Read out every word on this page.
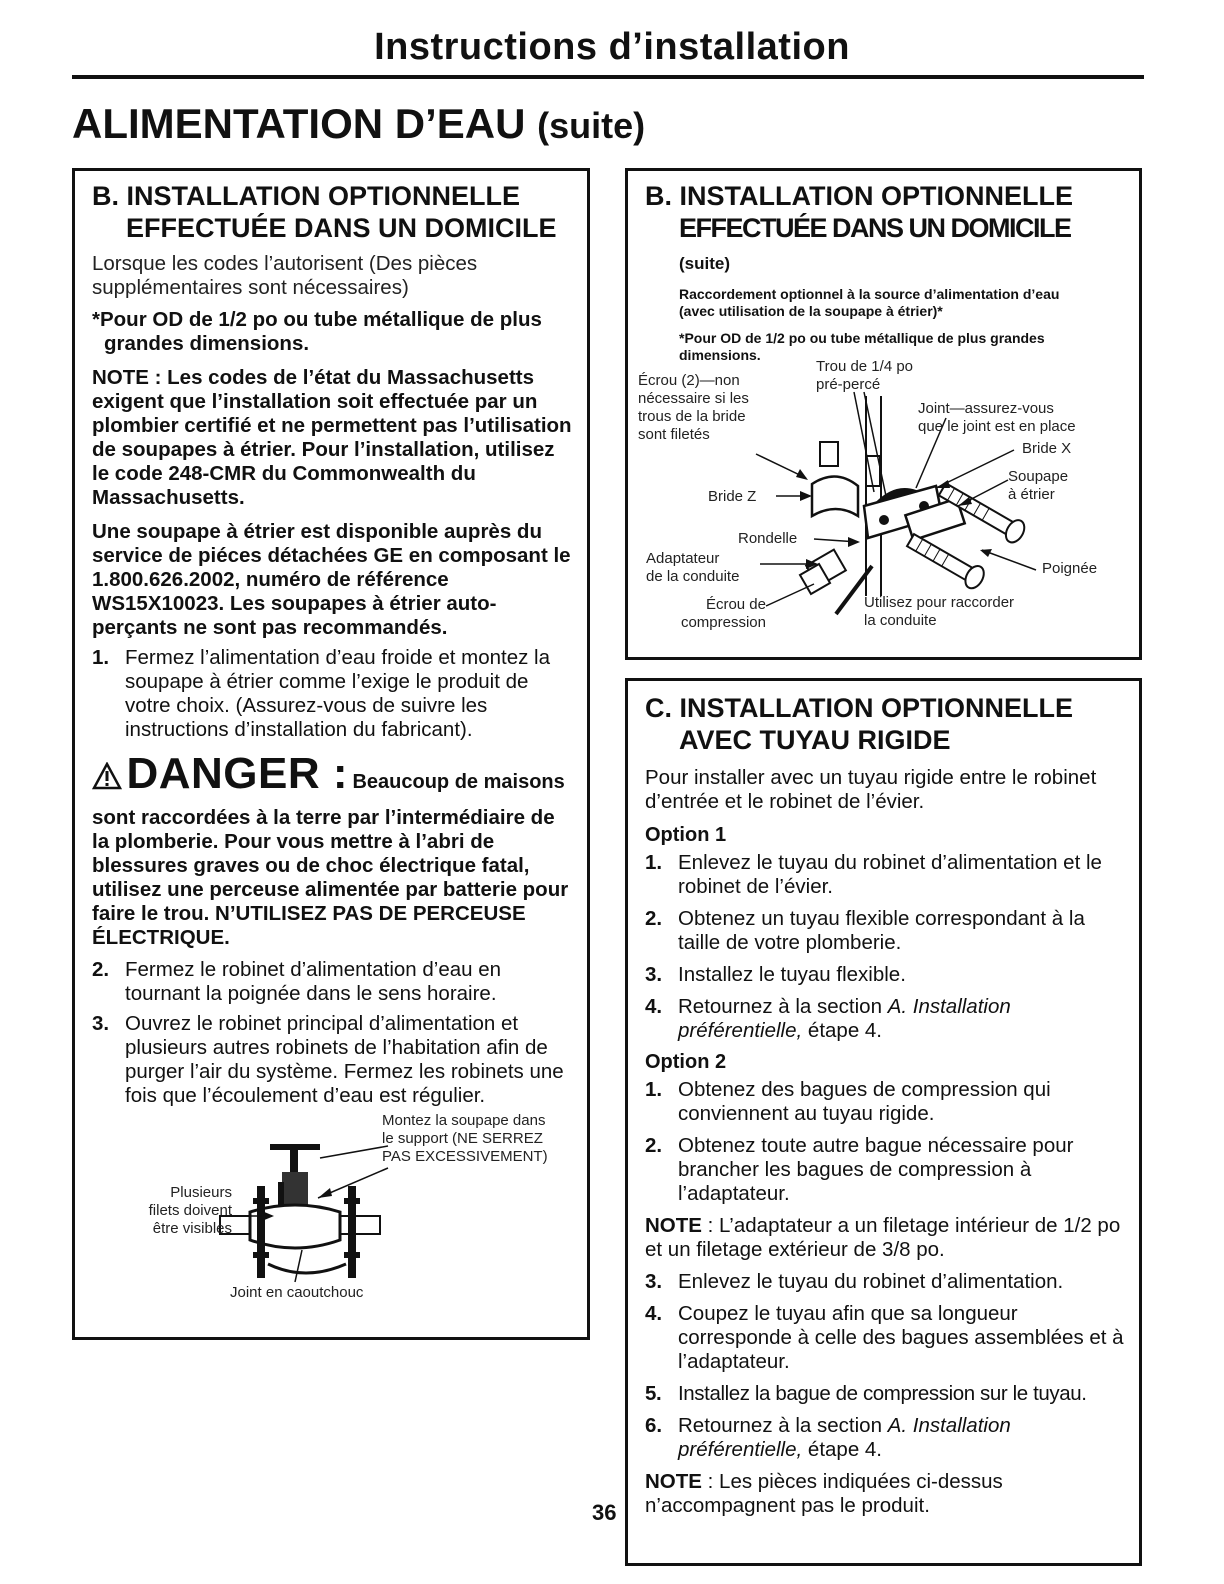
Instructions d’installation
ALIMENTATION D’EAU (suite)
B. INSTALLATION OPTIONNELLE
EFFECTUÉE DANS UN DOMICILE

Lorsque les codes l’autorisent (Des pièces supplémentaires sont nécessaires)

*Pour OD de 1/2 po ou tube métallique de plus grandes dimensions.

NOTE : Les codes de l’état du Massachusetts exigent que l’installation soit effectuée par un plombier certifié et ne permettent pas l’utilisation de soupapes à étrier. Pour l’installation, utilisez le code 248-CMR du Commonwealth du Massachusetts.

Une soupape à étrier est disponible auprès du service de piéces détachées GE en composant le 1.800.626.2002, numéro de référence WS15X10023. Les soupapes à étrier auto-perçants ne sont pas recommandés.

1. Fermez l’alimentation d’eau froide et montez la soupape à étrier comme l’exige le produit de votre choix. (Assurez-vous de suivre les instructions d’installation du fabricant).
DANGER : Beaucoup de maisons

sont raccordées à la terre par l’intermédiaire de la plomberie. Pour vous mettre à l’abri de blessures graves ou de choc électrique fatal, utilisez une perceuse alimentée par batterie pour faire le trou. N’UTILISEZ PAS DE PERCEUSE ÉLECTRIQUE.

2. Fermez le robinet d’alimentation d’eau en tournant la poignée dans le sens horaire.
3. Ouvrez le robinet principal d’alimentation et plusieurs autres robinets de l’habitation afin de purger l’air du système. Fermez les robinets une fois que l’écoulement d’eau est régulier.
Montez la soupape dans
le support (NE SERREZ
PAS EXCESSIVEMENT)
Plusieurs
filets doivent
être visibles
Joint en caoutchouc
B. INSTALLATION OPTIONNELLE
EFFECTUÉE DANS UN DOMICILE (suite)

Raccordement optionnel à la source d’alimentation d’eau (avec utilisation de la soupape à étrier)*

*Pour OD de 1/2 po ou tube métallique de plus grandes dimensions.

Trou de 1/4 po
pré-percé
Écrou (2)—non
nécessaire si les
trous de la bride
sont filetés
Joint—assurez-vous
que le joint est en place
Bride X
Soupape
à étrier
Bride Z
Rondelle
Adaptateur
de la conduite	Poignée
Écrou de
compression
Utilisez pour raccorder
la conduite
C. INSTALLATION OPTIONNELLE
AVEC TUYAU RIGIDE

Pour installer avec un tuyau rigide entre le robinet d’entrée et le robinet de l’évier.

Option 1

1. Enlevez le tuyau du robinet d’alimentation et le robinet de l’évier.
2. Obtenez un tuyau flexible correspondant à la taille de votre plomberie.
3. Installez le tuyau flexible.
4. Retournez à la section A. Installation préférentielle, étape 4.

Option 2

1. Obtenez des bagues de compression qui conviennent au tuyau rigide.
2. Obtenez toute autre bague nécessaire pour brancher les bagues de compression à l’adaptateur.

NOTE : L’adaptateur a un filetage intérieur de 1/2 po et un filetage extérieur de 3/8 po.

3. Enlevez le tuyau du robinet d’alimentation.
4. Coupez le tuyau afin que sa longueur corresponde à celle des bagues assemblées et à l’adaptateur.
5. Installez la bague de compression sur le tuyau.
6. Retournez à la section A. Installation préférentielle, étape 4.

NOTE : Les pièces indiquées ci-dessus n’accompagnent pas le produit.

36
